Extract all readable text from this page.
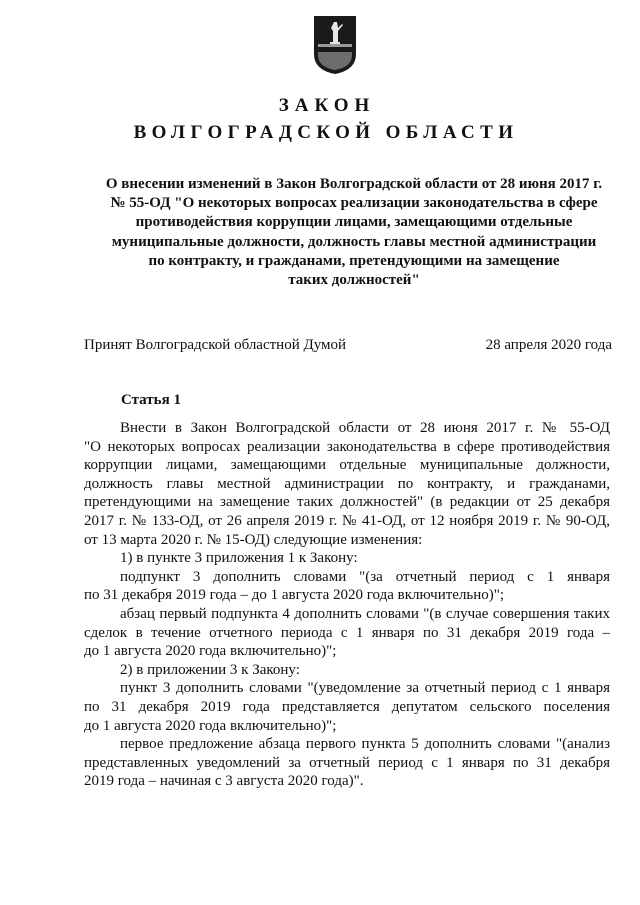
ЗАКОН
ВОЛГОГРАДСКОЙ ОБЛАСТИ
О внесении изменений в Закон Волгоградской области от 28 июня 2017 г.
№ 55-ОД "О некоторых вопросах реализации законодательства в сфере
противодействия коррупции лицами, замещающими отдельные
муниципальные должности, должность главы местной администрации
по контракту, и гражданами, претендующими на замещение
таких должностей"
Принят Волгоградской областной Думой	28 апреля 2020 года
Статья 1
Внести в Закон Волгоградской области от 28 июня 2017 г. № 55-ОД
"О некоторых вопросах реализации законодательства в сфере противодействия
коррупции лицами, замещающими отдельные муниципальные должности,
должность главы местной администрации по контракту, и гражданами,
претендующими на замещение таких должностей" (в редакции от 25 декабря
2017 г. № 133-ОД, от 26 апреля 2019 г. № 41-ОД, от 12 ноября 2019 г. № 90-ОД,
от 13 марта 2020 г. № 15-ОД) следующие изменения:
1) в пункте 3 приложения 1 к Закону:
подпункт 3 дополнить словами "(за отчетный период с 1 января
по 31 декабря 2019 года – до 1 августа 2020 года включительно)";
абзац первый подпункта 4 дополнить словами "(в случае совершения таких
сделок в течение отчетного периода с 1 января по 31 декабря 2019 года –
до 1 августа 2020 года включительно)";
2) в приложении 3 к Закону:
пункт 3 дополнить словами "(уведомление за отчетный период с 1 января
по 31 декабря 2019 года представляется депутатом сельского поселения
до 1 августа 2020 года включительно)";
первое предложение абзаца первого пункта 5 дополнить словами "(анализ
представленных уведомлений за отчетный период с 1 января по 31 декабря
2019 года – начиная с 3 августа 2020 года)".
